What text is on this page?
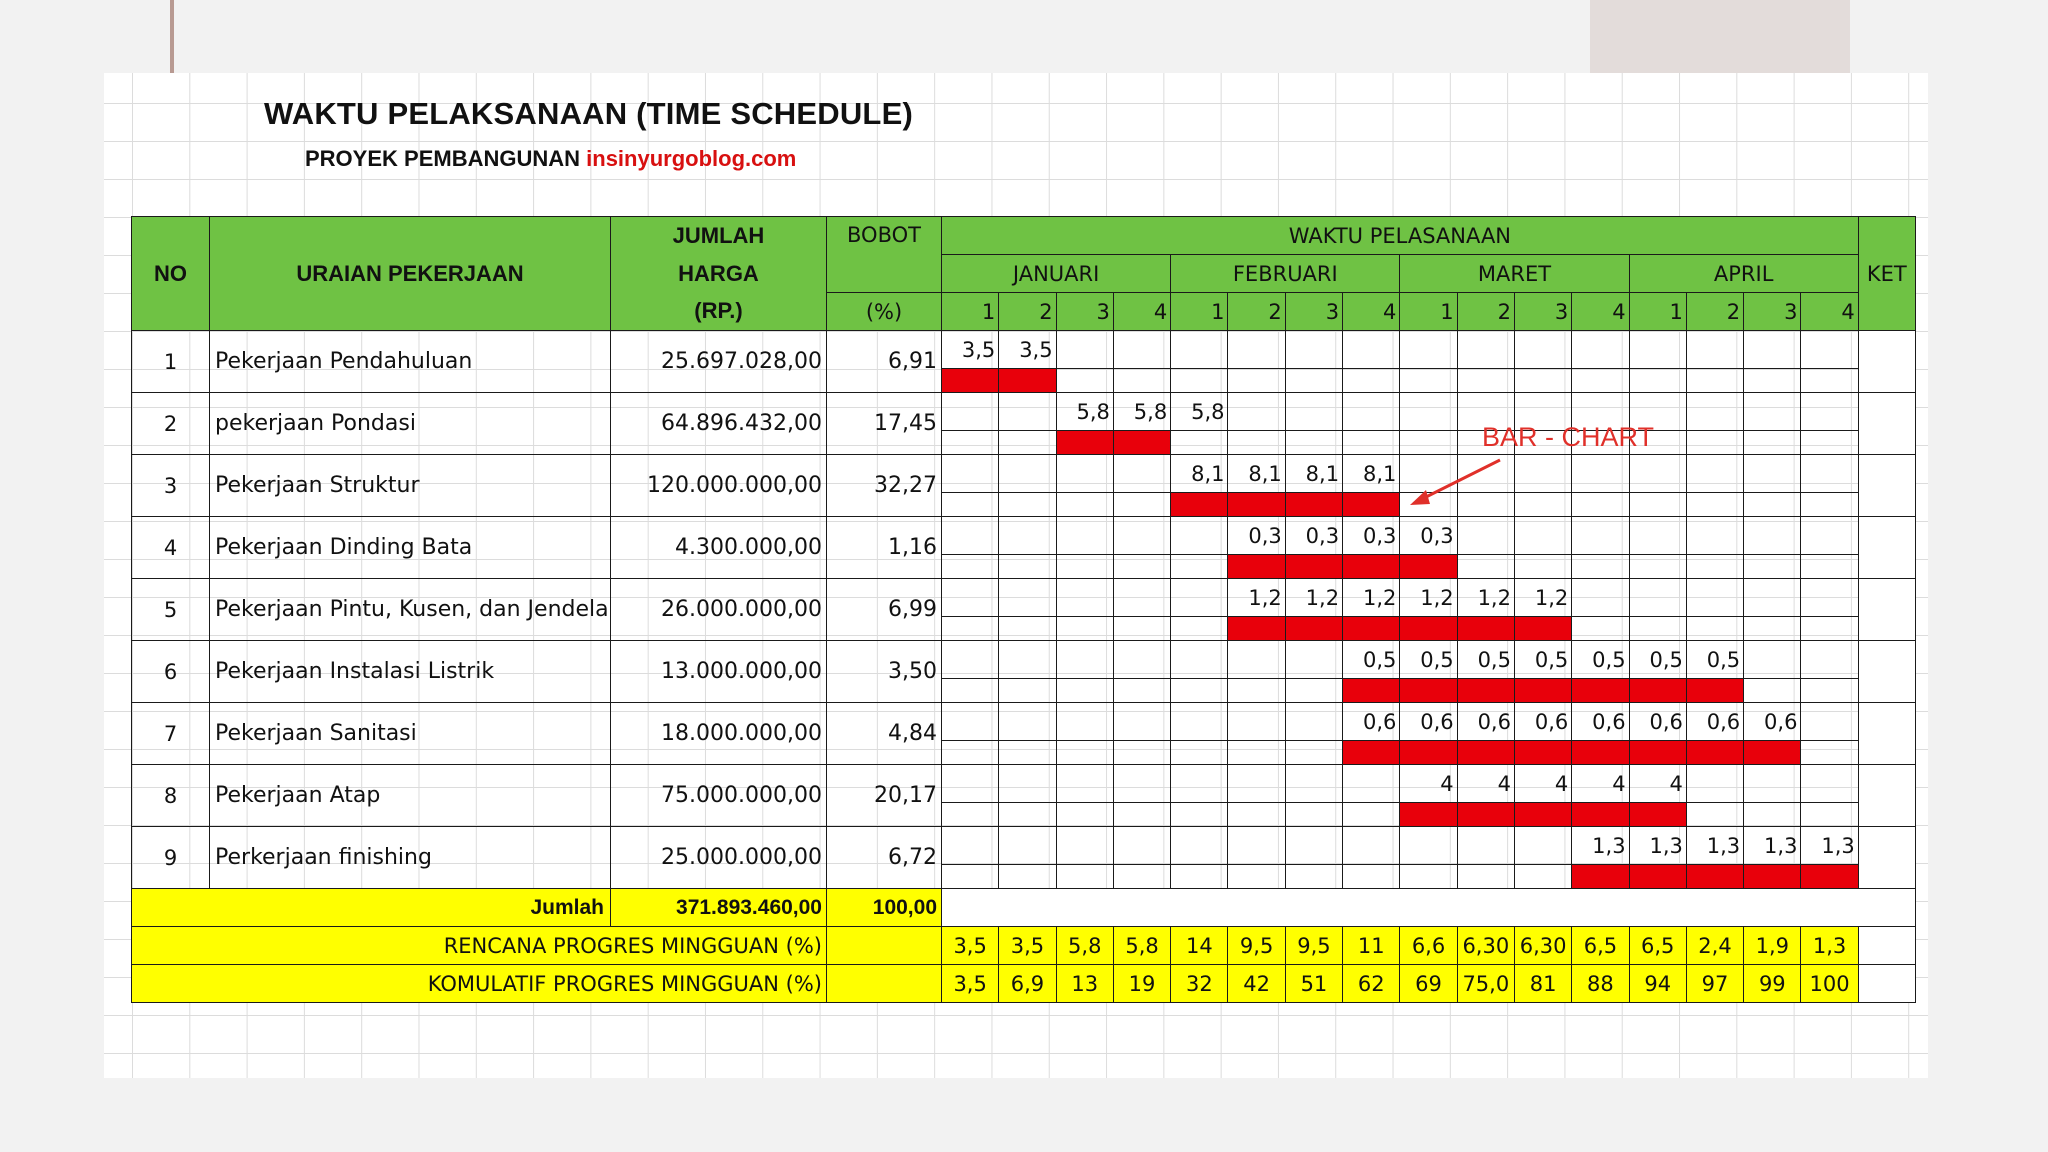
WAKTU PELAKSANAAN (TIME SCHEDULE)

PROYEK PEMBANGUNAN insinyurgoblog.com

NO	URAIAN PEKERJAAN	JUMLAH	BOBOT	WAKTU PELASANAAN																KET
		HARGA		JANUARI				FEBRUARI				MARET				APRIL				
		(RP.)	(%)	1	2	3	4	1	2	3	4	1	2	3	4	1	2	3	4	
1	Pekerjaan Pendahuluan	25.697.028,00	6,91	3,5	3,5															

2	pekerjaan Pondasi	64.896.432,00	17,45			5,8	5,8	5,8												

3	Pekerjaan Struktur	120.000.000,00	32,27					8,1	8,1	8,1	8,1									

4	Pekerjaan Dinding Bata	4.300.000,00	1,16						0,3	0,3	0,3	0,3								

5	Pekerjaan Pintu, Kusen, dan Jendela	26.000.000,00	6,99						1,2	1,2	1,2	1,2	1,2	1,2						

6	Pekerjaan Instalasi Listrik	13.000.000,00	3,50								0,5	0,5	0,5	0,5	0,5	0,5	0,5			

7	Pekerjaan Sanitasi	18.000.000,00	4,84								0,6	0,6	0,6	0,6	0,6	0,6	0,6	0,6		

8	Pekerjaan Atap	75.000.000,00	20,17									4	4	4	4	4				

9	Perkerjaan finishing	25.000.000,00	6,72												1,3	1,3	1,3	1,3	1,3	

Jumlah		371.893.460,00	100,00																	
RENCANA PROGRES MINGGUAN (%)				3,5	3,5	5,8	5,8	14	9,5	9,5	11	6,6	6,30	6,30	6,5	6,5	2,4	1,9	1,3	
KOMULATIF PROGRES MINGGUAN (%)				3,5	6,9	13	19	32	42	51	62	69	75,0	81	88	94	97	99	100	

BAR - CHART
